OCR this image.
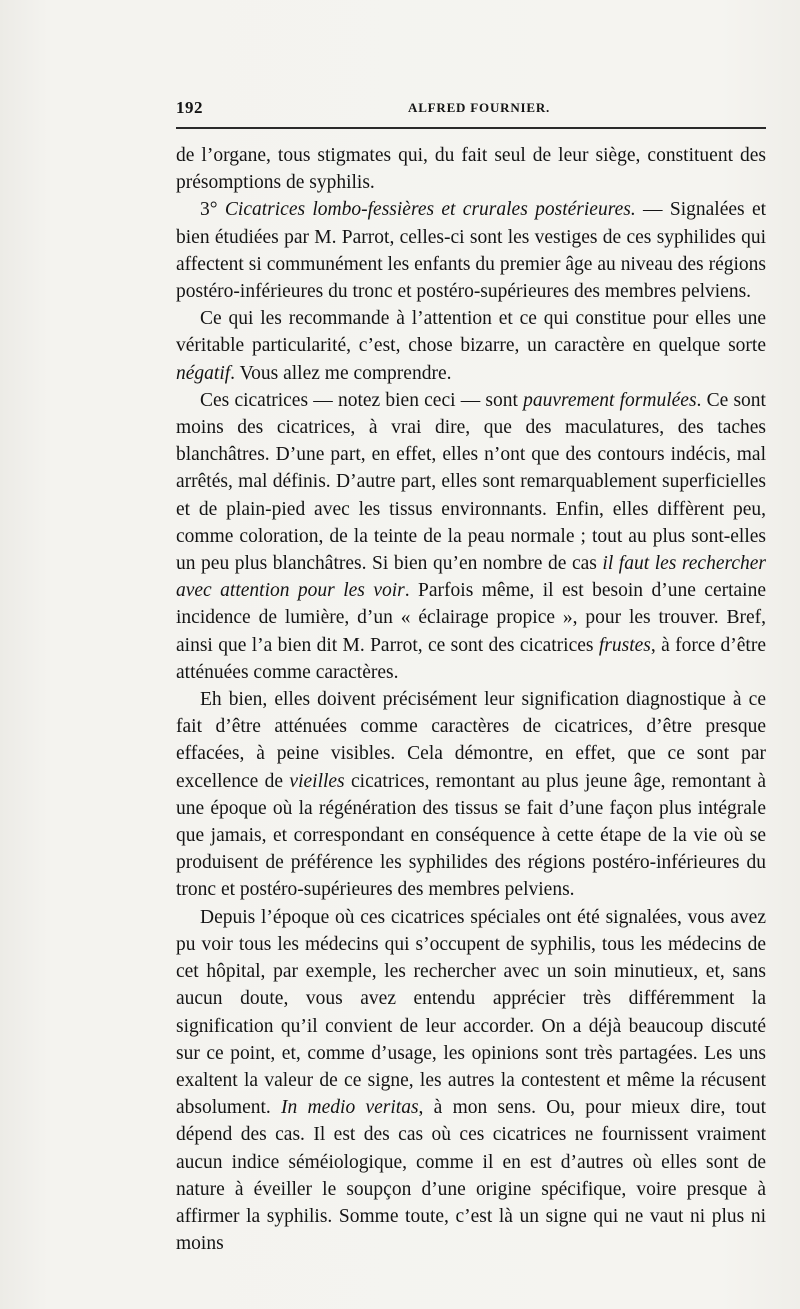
192	ALFRED FOURNIER.

de l’organe, tous stigmates qui, du fait seul de leur siège, constituent des présomptions de syphilis.

3° Cicatrices lombo-fessières et crurales postérieures. — Signalées et bien étudiées par M. Parrot, celles-ci sont les vestiges de ces syphilides qui affectent si communément les enfants du premier âge au niveau des régions postéro-inférieures du tronc et postéro-supérieures des membres pelviens.

Ce qui les recommande à l’attention et ce qui constitue pour elles une véritable particularité, c’est, chose bizarre, un caractère en quelque sorte négatif. Vous allez me comprendre.

Ces cicatrices — notez bien ceci — sont pauvrement formulées. Ce sont moins des cicatrices, à vrai dire, que des maculatures, des taches blanchâtres. D’une part, en effet, elles n’ont que des contours indécis, mal arrêtés, mal définis. D’autre part, elles sont remarquablement superficielles et de plain-pied avec les tissus environnants. Enfin, elles diffèrent peu, comme coloration, de la teinte de la peau normale ; tout au plus sont-elles un peu plus blanchâtres. Si bien qu’en nombre de cas il faut les rechercher avec attention pour les voir. Parfois même, il est besoin d’une certaine incidence de lumière, d’un « éclairage propice », pour les trouver. Bref, ainsi que l’a bien dit M. Parrot, ce sont des cicatrices frustes, à force d’être atténuées comme caractères.

Eh bien, elles doivent précisément leur signification diagnostique à ce fait d’être atténuées comme caractères de cicatrices, d’être presque effacées, à peine visibles. Cela démontre, en effet, que ce sont par excellence de vieilles cicatrices, remontant au plus jeune âge, remontant à une époque où la régénération des tissus se fait d’une façon plus intégrale que jamais, et correspondant en conséquence à cette étape de la vie où se produisent de préférence les syphilides des régions postéro-inférieures du tronc et postéro-supérieures des membres pelviens.

Depuis l’époque où ces cicatrices spéciales ont été signalées, vous avez pu voir tous les médecins qui s’occupent de syphilis, tous les médecins de cet hôpital, par exemple, les rechercher avec un soin minutieux, et, sans aucun doute, vous avez entendu apprécier très différemment la signification qu’il convient de leur accorder. On a déjà beaucoup discuté sur ce point, et, comme d’usage, les opinions sont très partagées. Les uns exaltent la valeur de ce signe, les autres la contestent et même la récusent absolument. In medio veritas, à mon sens. Ou, pour mieux dire, tout dépend des cas. Il est des cas où ces cicatrices ne fournissent vraiment aucun indice séméiologique, comme il en est d’autres où elles sont de nature à éveiller le soupçon d’une origine spécifique, voire presque à affirmer la syphilis. Somme toute, c’est là un signe qui ne vaut ni plus ni moins
